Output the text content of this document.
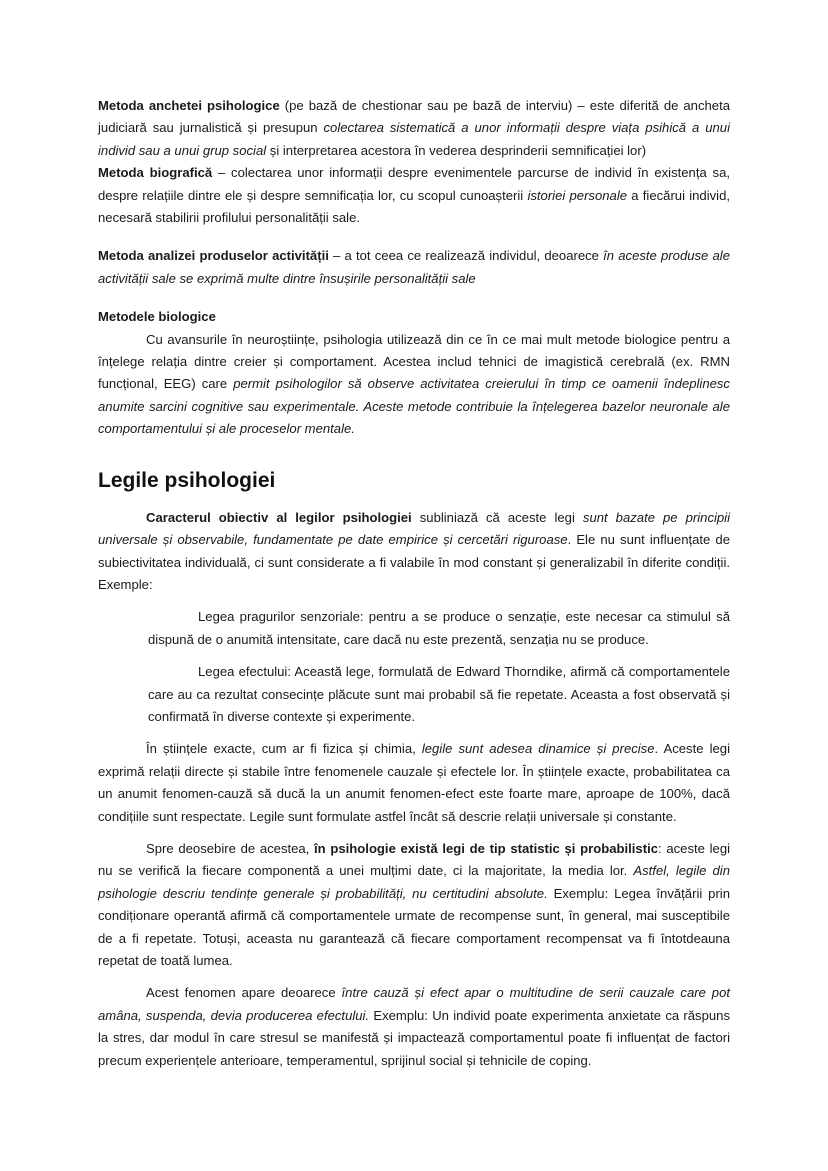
Metoda anchetei psihologice (pe bază de chestionar sau pe bază de interviu) – este diferită de ancheta judiciară sau jurnalistică și presupun colectarea sistematică a unor informații despre viața psihică a unui individ sau a unui grup social și interpretarea acestora în vederea desprinderii semnificației lor)

Metoda biografică – colectarea unor informații despre evenimentele parcurse de individ în existența sa, despre relațiile dintre ele și despre semnificația lor, cu scopul cunoașterii istoriei personale a fiecărui individ, necesară stabilirii profilului personalității sale.

Metoda analizei produselor activității – a tot ceea ce realizează individul, deoarece în aceste produse ale activității sale se exprimă multe dintre însușirile personalității sale

Metodele biologice

Cu avansurile în neuroștiințe, psihologia utilizează din ce în ce mai mult metode biologice pentru a înțelege relația dintre creier și comportament. Acestea includ tehnici de imagistică cerebrală (ex. RMN funcțional, EEG) care permit psihologilor să observe activitatea creierului în timp ce oamenii îndeplinesc anumite sarcini cognitive sau experimentale. Aceste metode contribuie la înțelegerea bazelor neuronale ale comportamentului și ale proceselor mentale.

Legile psihologiei

Caracterul obiectiv al legilor psihologiei subliniază că aceste legi sunt bazate pe principii universale și observabile, fundamentate pe date empirice și cercetări riguroase. Ele nu sunt influențate de subiectivitatea individuală, ci sunt considerate a fi valabile în mod constant și generalizabil în diferite condiții. Exemple:

Legea pragurilor senzoriale: pentru a se produce o senzație, este necesar ca stimulul să dispună de o anumită intensitate, care dacă nu este prezentă, senzația nu se produce.

Legea efectului: Această lege, formulată de Edward Thorndike, afirmă că comportamentele care au ca rezultat consecințe plăcute sunt mai probabil să fie repetate. Aceasta a fost observată și confirmată în diverse contexte și experimente.

În științele exacte, cum ar fi fizica și chimia, legile sunt adesea dinamice și precise. Aceste legi exprimă relații directe și stabile între fenomenele cauzale și efectele lor. În științele exacte, probabilitatea ca un anumit fenomen-cauză să ducă la un anumit fenomen-efect este foarte mare, aproape de 100%, dacă condițiile sunt respectate. Legile sunt formulate astfel încât să descrie relații universale și constante.

Spre deosebire de acestea, în psihologie există legi de tip statistic și probabilistic: aceste legi nu se verifică la fiecare componentă a unei mulțimi date, ci la majoritate, la media lor. Astfel, legile din psihologie descriu tendințe generale și probabilități, nu certitudini absolute. Exemplu: Legea învățării prin condiționare operantă afirmă că comportamentele urmate de recompense sunt, în general, mai susceptibile de a fi repetate. Totuși, aceasta nu garantează că fiecare comportament recompensat va fi întotdeauna repetat de toată lumea.

Acest fenomen apare deoarece între cauză și efect apar o multitudine de serii cauzale care pot amâna, suspenda, devia producerea efectului. Exemplu: Un individ poate experimenta anxietate ca răspuns la stres, dar modul în care stresul se manifestă și impactează comportamentul poate fi influențat de factori precum experiențele anterioare, temperamentul, sprijinul social și tehnicile de coping.
